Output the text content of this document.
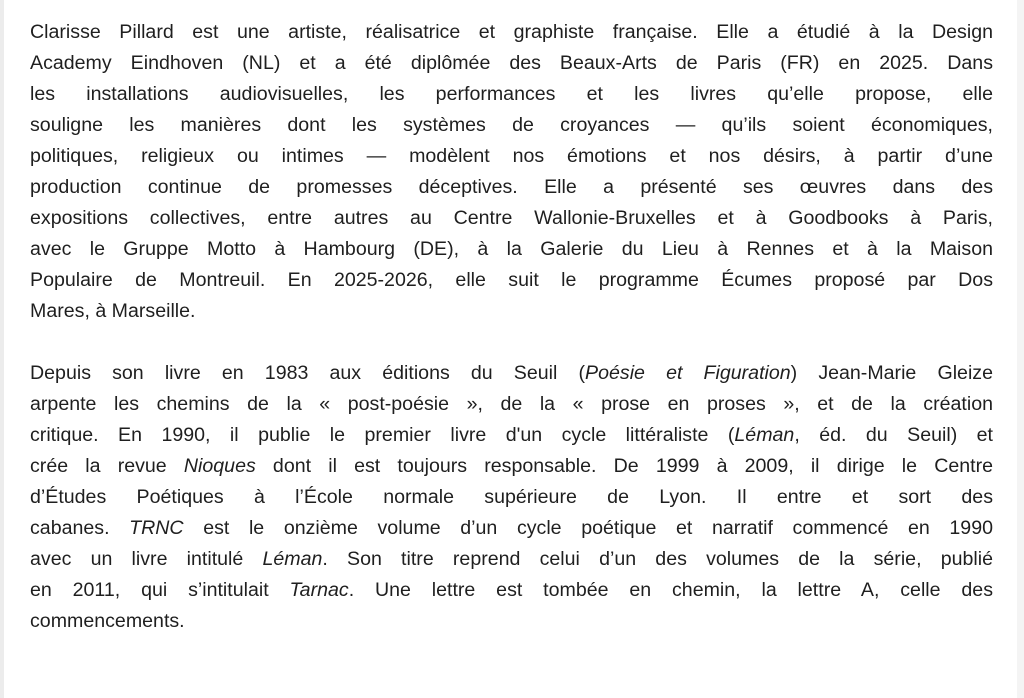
Clarisse Pillard est une artiste, réalisatrice et graphiste française. Elle a étudié à la Design
Academy Eindhoven (NL) et a été diplômée des Beaux-Arts de Paris (FR) en 2025. Dans
les installations audiovisuelles, les performances et les livres qu’elle propose, elle
souligne les manières dont les systèmes de croyances — qu’ils soient économiques,
politiques, religieux ou intimes — modèlent nos émotions et nos désirs, à partir d’une
production continue de promesses déceptives. Elle a présenté ses œuvres dans des
expositions collectives, entre autres au Centre Wallonie-Bruxelles et à Goodbooks à Paris,
avec le Gruppe Motto à Hambourg (DE), à la Galerie du Lieu à Rennes et à la Maison
Populaire de Montreuil. En 2025-2026, elle suit le programme Écumes proposé par Dos
Mares, à Marseille.

Depuis son livre en 1983 aux éditions du Seuil (Poésie et Figuration) Jean-Marie Gleize
arpente les chemins de la « post-poésie », de la « prose en proses », et de la création
critique. En 1990, il publie le premier livre d'un cycle littéraliste (Léman, éd. du Seuil) et
crée la revue Nioques dont il est toujours responsable. De 1999 à 2009, il dirige le Centre
d’Études Poétiques à l’École normale supérieure de Lyon. Il entre et sort des
cabanes. TRNC est le onzième volume d’un cycle poétique et narratif commencé en 1990
avec un livre intitulé Léman. Son titre reprend celui d’un des volumes de la série, publié
en 2011, qui s’intitulait Tarnac. Une lettre est tombée en chemin, la lettre A, celle des
commencements.
